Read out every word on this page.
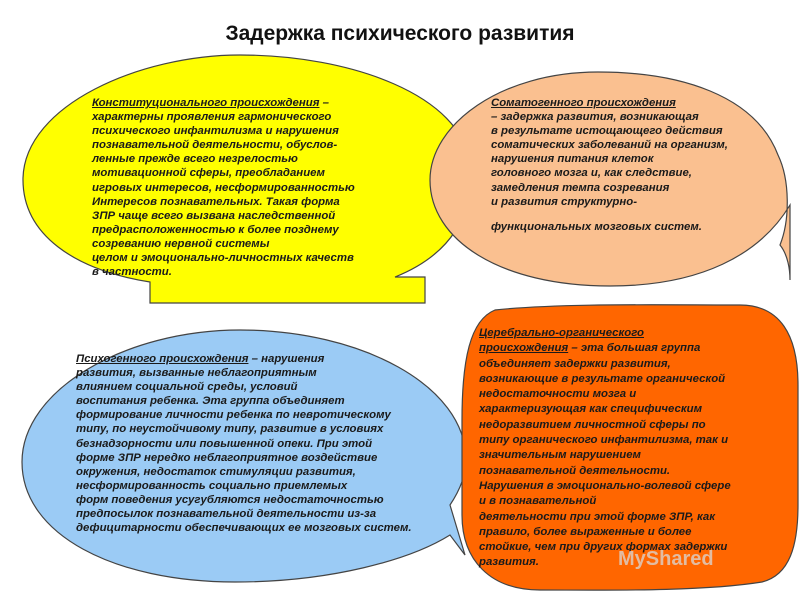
Задержка психического развития
Конституционального происхождения –
характерны проявления гармонического
психического инфантилизма и нарушения
познавательной деятельности, обуслов-
ленные прежде всего незрелостью
мотивационной сферы, преобладанием
игровых интересов, несформированностью
Интересов познавательных. Такая форма
ЗПР чаще всего вызвана наследственной
предрасположенностью к более позднему
созреванию нервной системы
целом и эмоционально-личностных качеств
в частности.
Соматогенного происхождения
– задержка развития, возникающая
в результате истощающего действия
соматических заболеваний на организм,
нарушения питания клеток
головного мозга и, как следствие,
замедления темпа созревания
и развития структурно-
функциональных мозговых систем.
Психогенного происхождения – нарушения
развития, вызванные неблагоприятным
влиянием социальной среды, условий
воспитания ребенка. Эта группа объединяет
формирование личности ребенка по невротическому
типу, по неустойчивому типу, развитие в условиях
безнадзорности или повышенной опеки. При этой
форме ЗПР нередко неблагоприятное воздействие
окружения, недостаток стимуляции развития,
несформированность социально приемлемых
форм поведения усугубляются недостаточностью
предпосылок познавательной деятельности из-за
дефицитарности обеспечивающих ее мозговых систем.
Церебрально-органического
происхождения – эта большая группа
объединяет задержки развития,
возникающие в результате органической
недостаточности мозга и
характеризующая как специфическим
недоразвитием личностной сферы по
типу органического инфантилизма, так и
значительным нарушением
познавательной деятельности.
Нарушения в эмоционально-волевой сфере
и в познавательной
деятельности при этой форме ЗПР, как
правило, более выраженные и более
стойкие, чем при других формах задержки
развития.	MyShared
